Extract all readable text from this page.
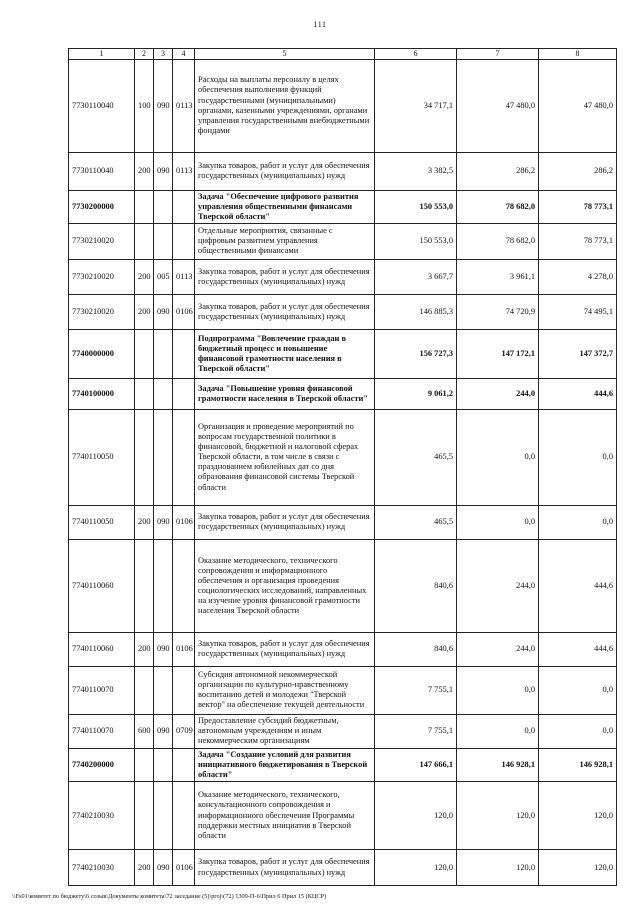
111
1	2	3	4	5	6	7	8
7730110040	100	090	0113	Расходы на выплаты персоналу в целях обеспечения выполнения функций государственными (муниципальными) органами, казенными учреждениями, органами управления государственными внебюджетными фондами	34 717,1	47 480,0	47 480,0
7730110040	200	090	0113	Закупка товаров, работ и услуг для обеспечения государственных (муниципальных) нужд	3 382,5	286,2	286,2
7730200000				Задача "Обеспечение цифрового развития управления общественными финансами Тверской области"	150 553,0	78 682,0	78 773,1
7730210020				Отдельные мероприятия, связанные с цифровым развитием управления общественными финансами	150 553,0	78 682,0	78 773,1
7730210020	200	005	0113	Закупка товаров, работ и услуг для обеспечения государственных (муниципальных) нужд	3 667,7	3 961,1	4 278,0
7730210020	200	090	0106	Закупка товаров, работ и услуг для обеспечения государственных (муниципальных) нужд	146 885,3	74 720,9	74 495,1
7740000000				Подпрограмма "Вовлечение граждан в бюджетный процесс и повышение финансовой грамотности населения в Тверской области"	156 727,3	147 172,1	147 372,7
7740100000				Задача "Повышение уровня финансовой грамотности населения в Тверской области"	9 061,2	244,0	444,6
7740110050				Организация и проведение мероприятий по вопросам государственной политики в финансовой, бюджетной и налоговой сферах Тверской области, в том числе в связи с празднованием юбилейных дат со дня образования финансовой системы Тверской области	465,5	0,0	0,0
7740110050	200	090	0106	Закупка товаров, работ и услуг для обеспечения государственных (муниципальных) нужд	465,5	0,0	0,0
7740110060				Оказание методического, технического сопровождения и информационного обеспечения и организация проведения социологических исследований, направленных на изучение уровня финансовой грамотности населения Тверской области	840,6	244,0	444,6
7740110060	200	090	0106	Закупка товаров, работ и услуг для обеспечения государственных (муниципальных) нужд	840,6	244,0	444,6
7740110070				Субсидия автономной некоммерческой организации по культурно-нравственному воспитанию детей и молодежи "Тверской вектор" на обеспечение текущей деятельности	7 755,1	0,0	0,0
7740110070	600	090	0709	Предоставление субсидий бюджетным, автономным учреждениям и иным некоммерческим организациям	7 755,1	0,0	0,0
7740200000				Задача "Создание условий для развития инициативного бюджетирования в Тверской области"	147 666,1	146 928,1	146 928,1
7740210030				Оказание методического, технического, консультационного сопровождения и информационного обеспечения Программы поддержки местных инициатив в Тверской области	120,0	120,0	120,0
7740210030	200	090	0106	Закупка товаров, работ и услуг для обеспечения государственных (муниципальных) нужд	120,0	120,0	120,0
\\Fs01\комитет по бюджету\6 созыв\Документы комитета\72 заседание (5)\proj\(72) 1309-П-6\Прил 6 Прил 15 (КЦСР)
